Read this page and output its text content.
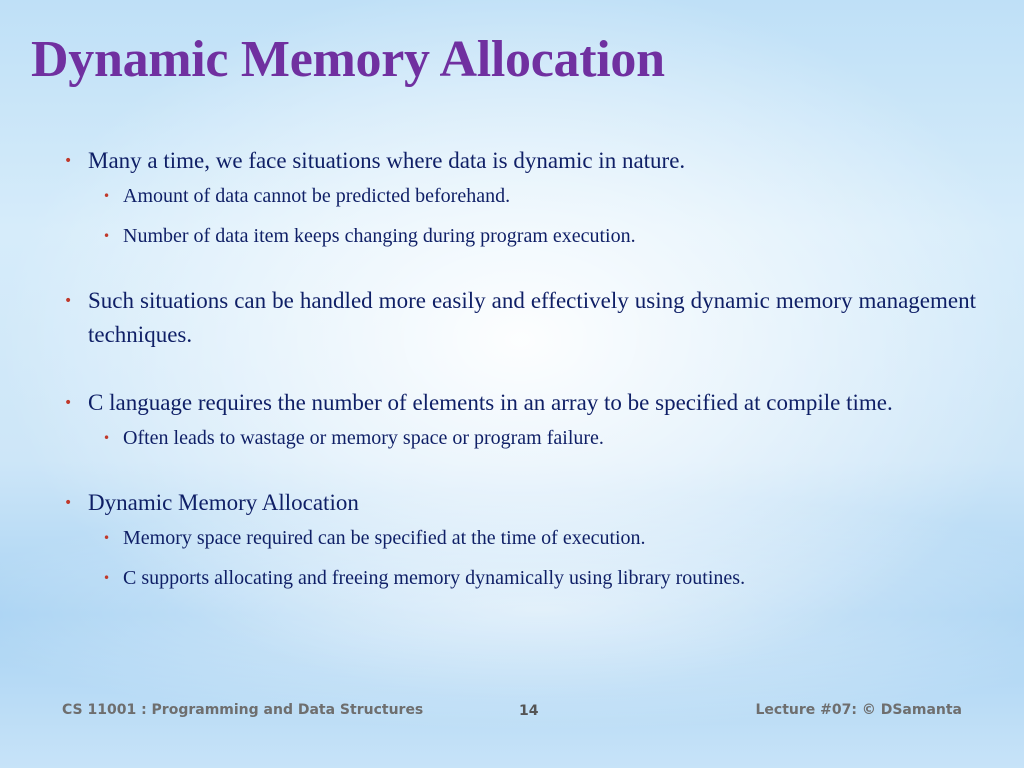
Dynamic Memory Allocation
• Many a time, we face situations where data is dynamic in nature.
• Amount of data cannot be predicted beforehand.
• Number of data item keeps changing during program execution.
• Such situations can be handled more easily and effectively using dynamic memory management techniques.
• C language requires the number of elements in an array to be specified at compile time.
• Often leads to wastage or memory space or program failure.
• Dynamic Memory Allocation
• Memory space required can be specified at the time of execution.
• C supports allocating and freeing memory dynamically using library routines.
CS 11001 : Programming and Data Structures	14	Lecture #07: © DSamanta
